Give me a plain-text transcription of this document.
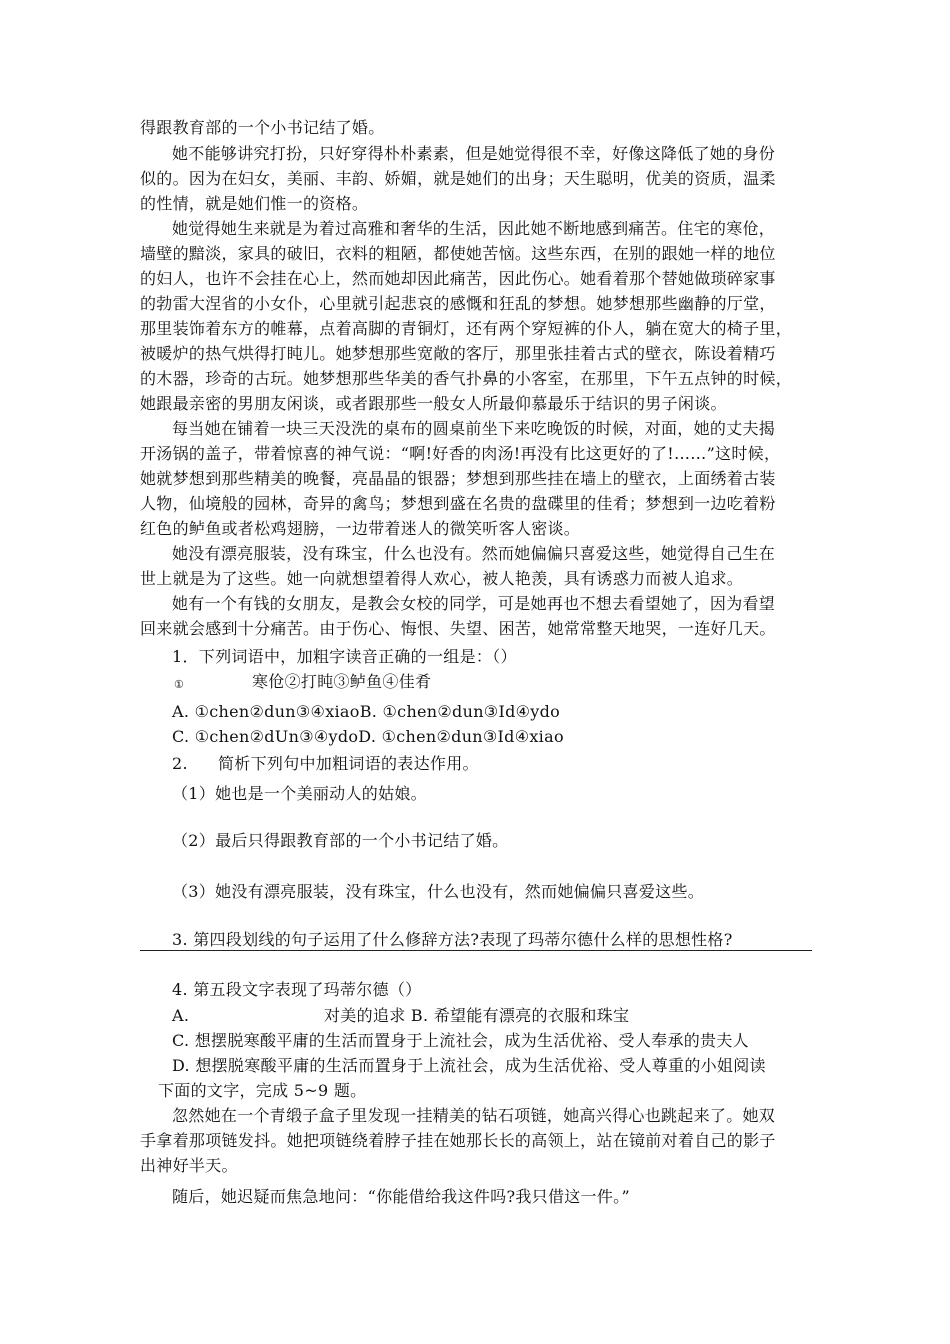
得跟教育部的一个小书记结了婚。
她不能够讲究打扮，只好穿得朴朴素素，但是她觉得很不幸，好像这降低了她的身份
似的。因为在妇女，美丽、丰韵、娇媚，就是她们的出身；天生聪明，优美的资质，温柔
的性情，就是她们惟一的资格。
她觉得她生来就是为着过高雅和奢华的生活，因此她不断地感到痛苦。住宅的寒伧，
墙壁的黯淡，家具的破旧，衣料的粗陋，都使她苦恼。这些东西，在别的跟她一样的地位
的妇人，也许不会挂在心上，然而她却因此痛苦，因此伤心。她看着那个替她做琐碎家事
的勃雷大涅省的小女仆，心里就引起悲哀的感慨和狂乱的梦想。她梦想那些幽静的厅堂，
那里装饰着东方的帷幕，点着高脚的青铜灯，还有两个穿短裤的仆人，躺在宽大的椅子里，
被暖炉的热气烘得打盹儿。她梦想那些宽敞的客厅，那里张挂着古式的壁衣，陈设着精巧
的木器，珍奇的古玩。她梦想那些华美的香气扑鼻的小客室，在那里，下午五点钟的时候，
她跟最亲密的男朋友闲谈，或者跟那些一般女人所最仰慕最乐于结识的男子闲谈。
每当她在铺着一块三天没洗的桌布的圆桌前坐下来吃晚饭的时候，对面，她的丈夫揭
开汤锅的盖子，带着惊喜的神气说：“啊!好香的肉汤!再没有比这更好的了!……”这时候，
她就梦想到那些精美的晚餐，亮晶晶的银器；梦想到那些挂在墙上的壁衣，上面绣着古装
人物，仙境般的园林，奇异的禽鸟；梦想到盛在名贵的盘碟里的佳肴；梦想到一边吃着粉
红色的鲈鱼或者松鸡翅膀，一边带着迷人的微笑听客人密谈。
她没有漂亮服装，没有珠宝，什么也没有。然而她偏偏只喜爱这些，她觉得自己生在
世上就是为了这些。她一向就想望着得人欢心，被人艳羡，具有诱惑力而被人追求。
她有一个有钱的女朋友，是教会女校的同学，可是她再也不想去看望她了，因为看望
回来就会感到十分痛苦。由于伤心、悔恨、失望、困苦，她常常整天地哭，一连好几天。
1．下列词语中，加粗字读音正确的一组是：（）
①	寒伧②打盹③鲈鱼④佳肴
A. ①chen②dun③④xiaoB. ①chen②dun③Id④ydo
C. ①chen②dUn③④ydoD. ①chen②dun③Id④xiao
2.	简析下列句中加粗词语的表达作用。
（1）她也是一个美丽动人的姑娘。
（2）最后只得跟教育部的一个小书记结了婚。
（3）她没有漂亮服装，没有珠宝，什么也没有，然而她偏偏只喜爱这些。
3. 第四段划线的句子运用了什么修辞方法?表现了玛蒂尔德什么样的思想性格?
4. 第五段文字表现了玛蒂尔德（）
A.	对美的追求 B. 希望能有漂亮的衣服和珠宝
C. 想摆脱寒酸平庸的生活而置身于上流社会，成为生活优裕、受人奉承的贵夫人
D. 想摆脱寒酸平庸的生活而置身于上流社会，成为生活优裕、受人尊重的小姐阅读
下面的文字，完成 5~9 题。
忽然她在一个青缎子盒子里发现一挂精美的钻石项链，她高兴得心也跳起来了。她双
手拿着那项链发抖。她把项链绕着脖子挂在她那长长的高领上，站在镜前对着自己的影子
出神好半天。
随后，她迟疑而焦急地问：“你能借给我这件吗?我只借这一件。”
